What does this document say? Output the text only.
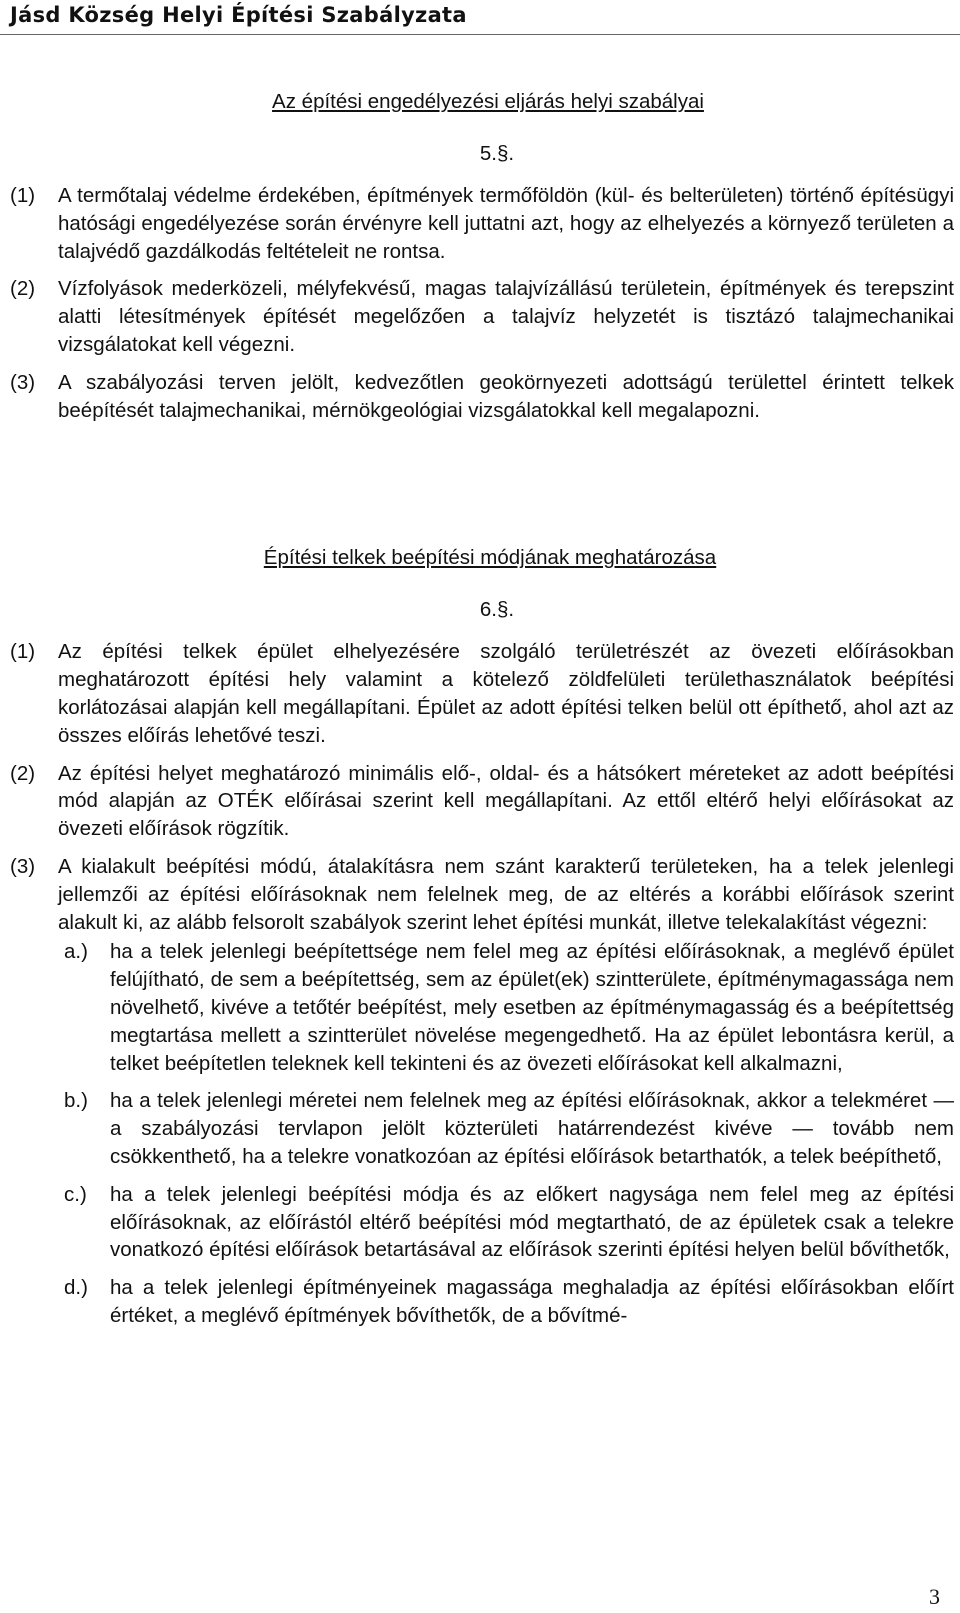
Jásd Község Helyi Építési Szabályzata
Az építési engedélyezési eljárás helyi szabályai
5.§.
(1)	A termőtalaj védelme érdekében, építmények termőföldön (kül- és belterületen) történő építésügyi hatósági engedélyezése során érvényre kell juttatni azt, hogy az elhelyezés a környező területen a talajvédő gazdálkodás feltételeit ne rontsa.
(2)	Vízfolyások mederközeli, mélyfekvésű, magas talajvízállású területein, építmények és terepszint alatti létesítmények építését megelőzően a talajvíz helyzetét is tisztázó talajmechanikai vizsgálatokat kell végezni.
(3)	A szabályozási terven jelölt, kedvezőtlen geokörnyezeti adottságú területtel érintett telkek beépítését talajmechanikai, mérnökgeológiai vizsgálatokkal kell megalapozni.
Építési telkek beépítési módjának meghatározása
6.§.
(1)	Az építési telkek épület elhelyezésére szolgáló területrészét az övezeti előírásokban meghatározott építési hely valamint a kötelező zöldfelületi területhasználatok beépítési korlátozásai alapján kell megállapítani. Épület az adott építési telken belül ott építhető, ahol azt az összes előírás lehetővé teszi.
(2)	Az építési helyet meghatározó minimális elő-, oldal- és a hátsókert méreteket az adott beépítési mód alapján az OTÉK előírásai szerint kell megállapítani. Az ettől eltérő helyi előírásokat az övezeti előírások rögzítik.
(3)	A kialakult beépítési módú, átalakításra nem szánt karakterű területeken, ha a telek jelenlegi jellemzői az építési előírásoknak nem felelnek meg, de az eltérés a korábbi előírások szerint alakult ki, az alább felsorolt szabályok szerint lehet építési munkát, illetve telekalakítást végezni:
a.)	ha a telek jelenlegi beépítettsége nem felel meg az építési előírásoknak, a meglévő épület felújítható, de sem a beépítettség, sem az épület(ek) szintterülete, építménymagassága nem növelhető, kivéve a tetőtér beépítést, mely esetben az építménymagasság és a beépítettség megtartása mellett a szintterület növelése megengedhető. Ha az épület lebontásra kerül, a telket beépítetlen teleknek kell tekinteni és az övezeti előírásokat kell alkalmazni,
b.)	ha a telek jelenlegi méretei nem felelnek meg az építési előírásoknak, akkor a telekméret — a szabályozási tervlapon jelölt közterületi határrendezést kivéve — tovább nem csökkenthető, ha a telekre vonatkozóan az építési előírások betarthatók, a telek beépíthető,
c.)	ha a telek jelenlegi beépítési módja és az előkert nagysága nem felel meg az építési előírásoknak, az előírástól eltérő beépítési mód megtartható, de az épületek csak a telekre vonatkozó építési előírások betartásával az előírások szerinti építési helyen belül bővíthetők,
d.)	ha a telek jelenlegi építményeinek magassága meghaladja az építési előírásokban előírt értéket, a meglévő építmények bővíthetők, de a bővítmé-
3
